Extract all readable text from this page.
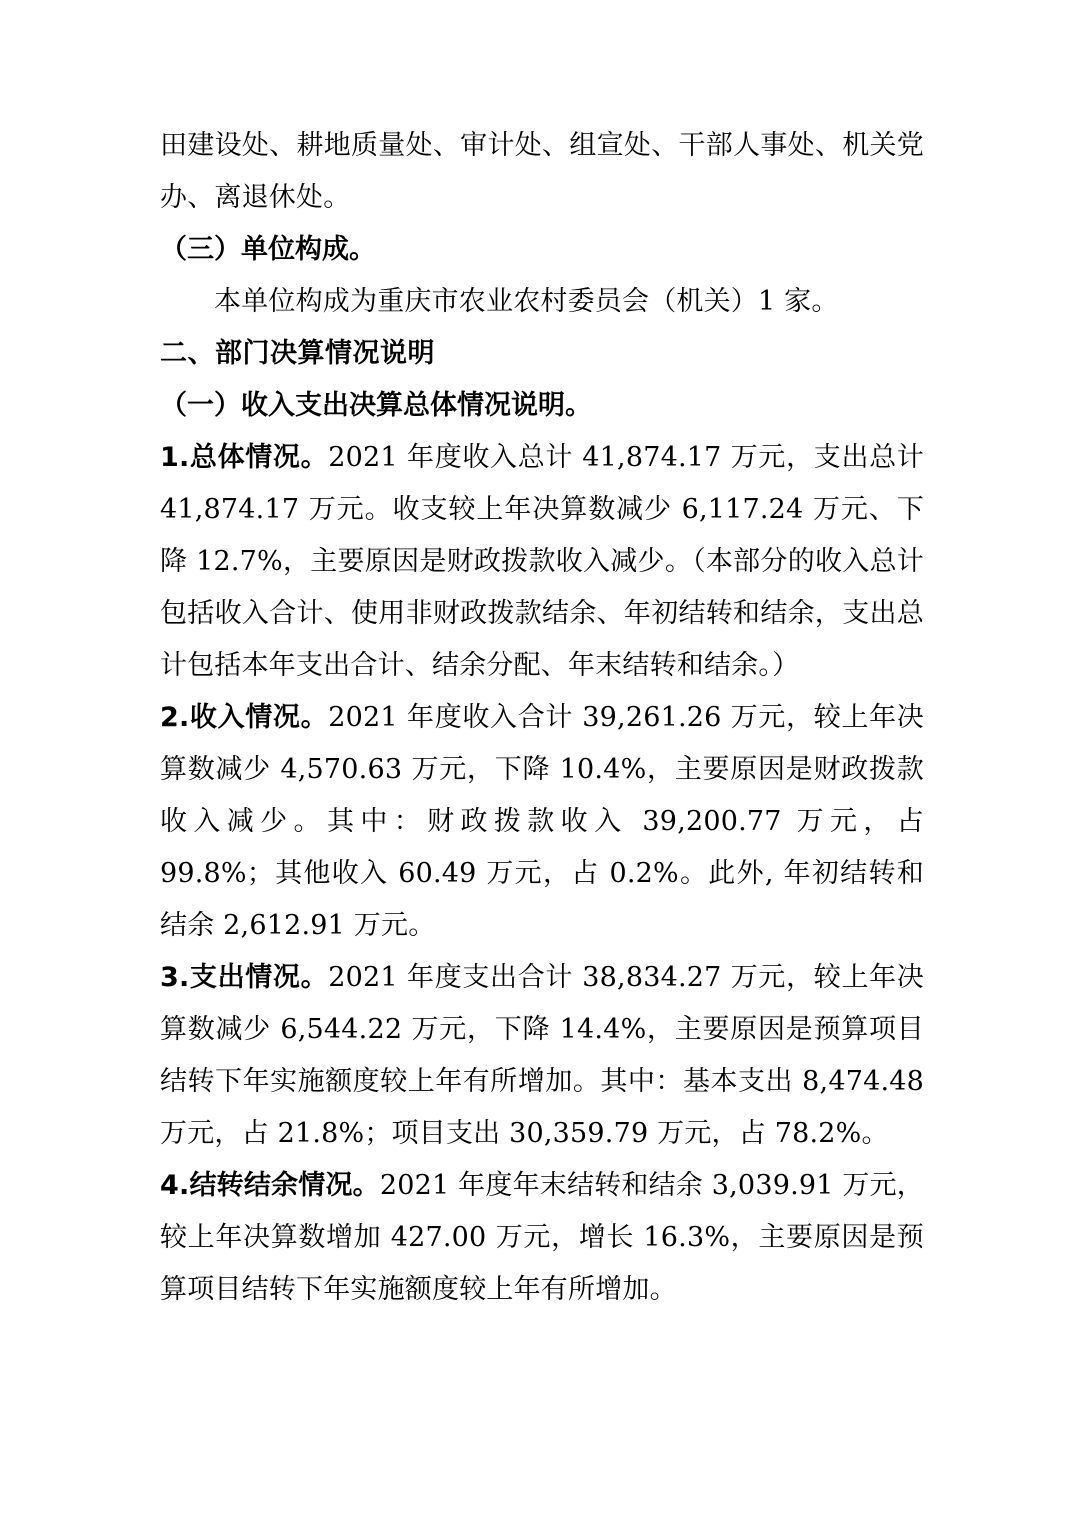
田建设处、耕地质量处、审计处、组宣处、干部人事处、机关党办、离退休处。

（三）单位构成。

本单位构成为重庆市农业农村委员会（机关）1 家。

二、部门决算情况说明

（一）收入支出决算总体情况说明。

1.总体情况。2021 年度收入总计 41,874.17 万元，支出总计 41,874.17 万元。收支较上年决算数减少 6,117.24 万元、下降 12.7%，主要原因是财政拨款收入减少。（本部分的收入总计包括收入合计、使用非财政拨款结余、年初结转和结余，支出总计包括本年支出合计、结余分配、年末结转和结余。）

2.收入情况。2021 年度收入合计 39,261.26 万元，较上年决算数减少 4,570.63 万元，下降 10.4%，主要原因是财政拨款收入减少。其中：财政拨款收入 39,200.77 万元，占 99.8%；其他收入 60.49 万元，占 0.2%。此外, 年初结转和结余 2,612.91 万元。

3.支出情况。2021 年度支出合计 38,834.27 万元，较上年决算数减少 6,544.22 万元，下降 14.4%，主要原因是预算项目结转下年实施额度较上年有所增加。其中：基本支出 8,474.48 万元，占 21.8%；项目支出 30,359.79 万元，占 78.2%。

4.结转结余情况。2021 年度年末结转和结余 3,039.91 万元，较上年决算数增加 427.00 万元，增长 16.3%，主要原因是预算项目结转下年实施额度较上年有所增加。
